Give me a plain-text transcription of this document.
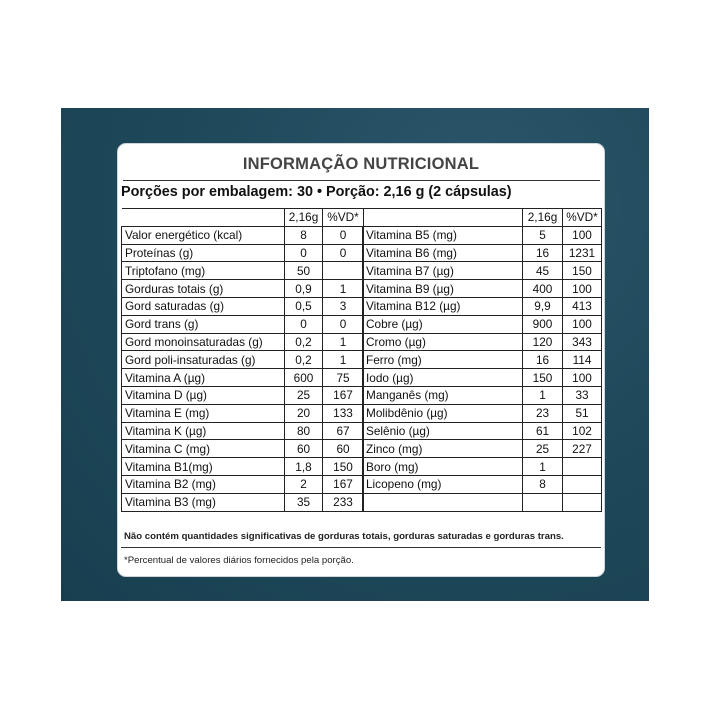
INFORMAÇÃO NUTRICIONAL
Porções por embalagem: 30 • Porção: 2,16 g (2 cápsulas)
	2,16g	%VD*
Valor energético (kcal)	8	0
Proteínas (g)	0	0
Triptofano (mg)	50	
Gorduras totais (g)	0,9	1
Gord saturadas (g)	0,5	3
Gord trans (g)	0	0
Gord monoinsaturadas (g)	0,2	1
Gord poli-insaturadas (g)	0,2	1
Vitamina A (µg)	600	75
Vitamina D (µg)	25	167
Vitamina E (mg)	20	133
Vitamina K (µg)	80	67
Vitamina C (mg)	60	60
Vitamina B1(mg)	1,8	150
Vitamina B2 (mg)	2	167
Vitamina B3 (mg)	35	233
	2,16g	%VD*
Vitamina B5 (mg)	5	100
Vitamina B6 (mg)	16	1231
Vitamina B7 (µg)	45	150
Vitamina B9 (µg)	400	100
Vitamina B12 (µg)	9,9	413
Cobre (µg)	900	100
Cromo (µg)	120	343
Ferro (mg)	16	114
Iodo (µg)	150	100
Manganês (mg)	1	33
Molibdênio (µg)	23	51
Selênio (µg)	61	102
Zinco (mg)	25	227
Boro (mg)	1	
Licopeno (mg)	8	

Não contém quantidades significativas de gorduras totais, gorduras saturadas e gorduras trans.
*Percentual de valores diários fornecidos pela porção.
